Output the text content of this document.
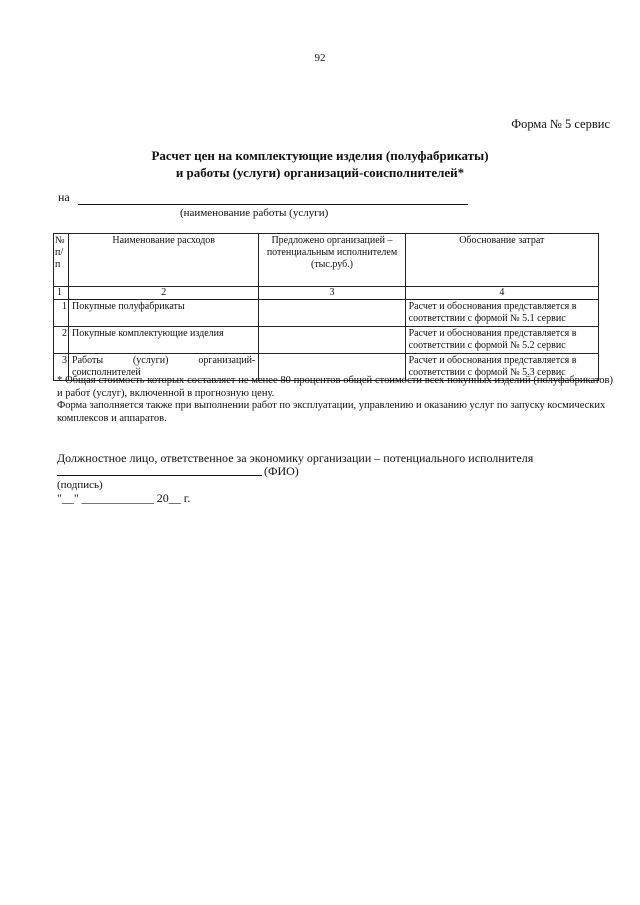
92
Форма № 5 сервис
Расчет цен на комплектующие изделия (полуфабрикаты)
и работы (услуги) организаций-соисполнителей*
на
(наименование работы (услуги)
№ п/п	Наименование расходов	Предложено организацией – потенциальным исполнителем (тыс.руб.)	Обоснование затрат
1	2	3	4
1	Покупные полуфабрикаты		Расчет и обоснования представляется в соответствии с формой № 5.1 сервис
2	Покупные комплектующие изделия		Расчет и обоснования представляется в соответствии с формой № 5.2 сервис
3	Работы (услуги) организаций-соисполнителей		Расчет и обоснования представляется в соответствии с формой № 5.3 сервис

* Общая стоимость которых составляет не менее 80 процентов общей стоимости всех покупных изделий (полуфабрикатов) и работ (услуг), включенной в прогнозную цену.

Форма заполняется также при выполнении работ по эксплуатации, управлению и оказанию услуг по запуску космических комплексов и аппаратов.

Должностное лицо, ответственное за экономику организации – потенциального исполнителя
(ФИО)
(подпись)
"__" ____________ 20__ г.
